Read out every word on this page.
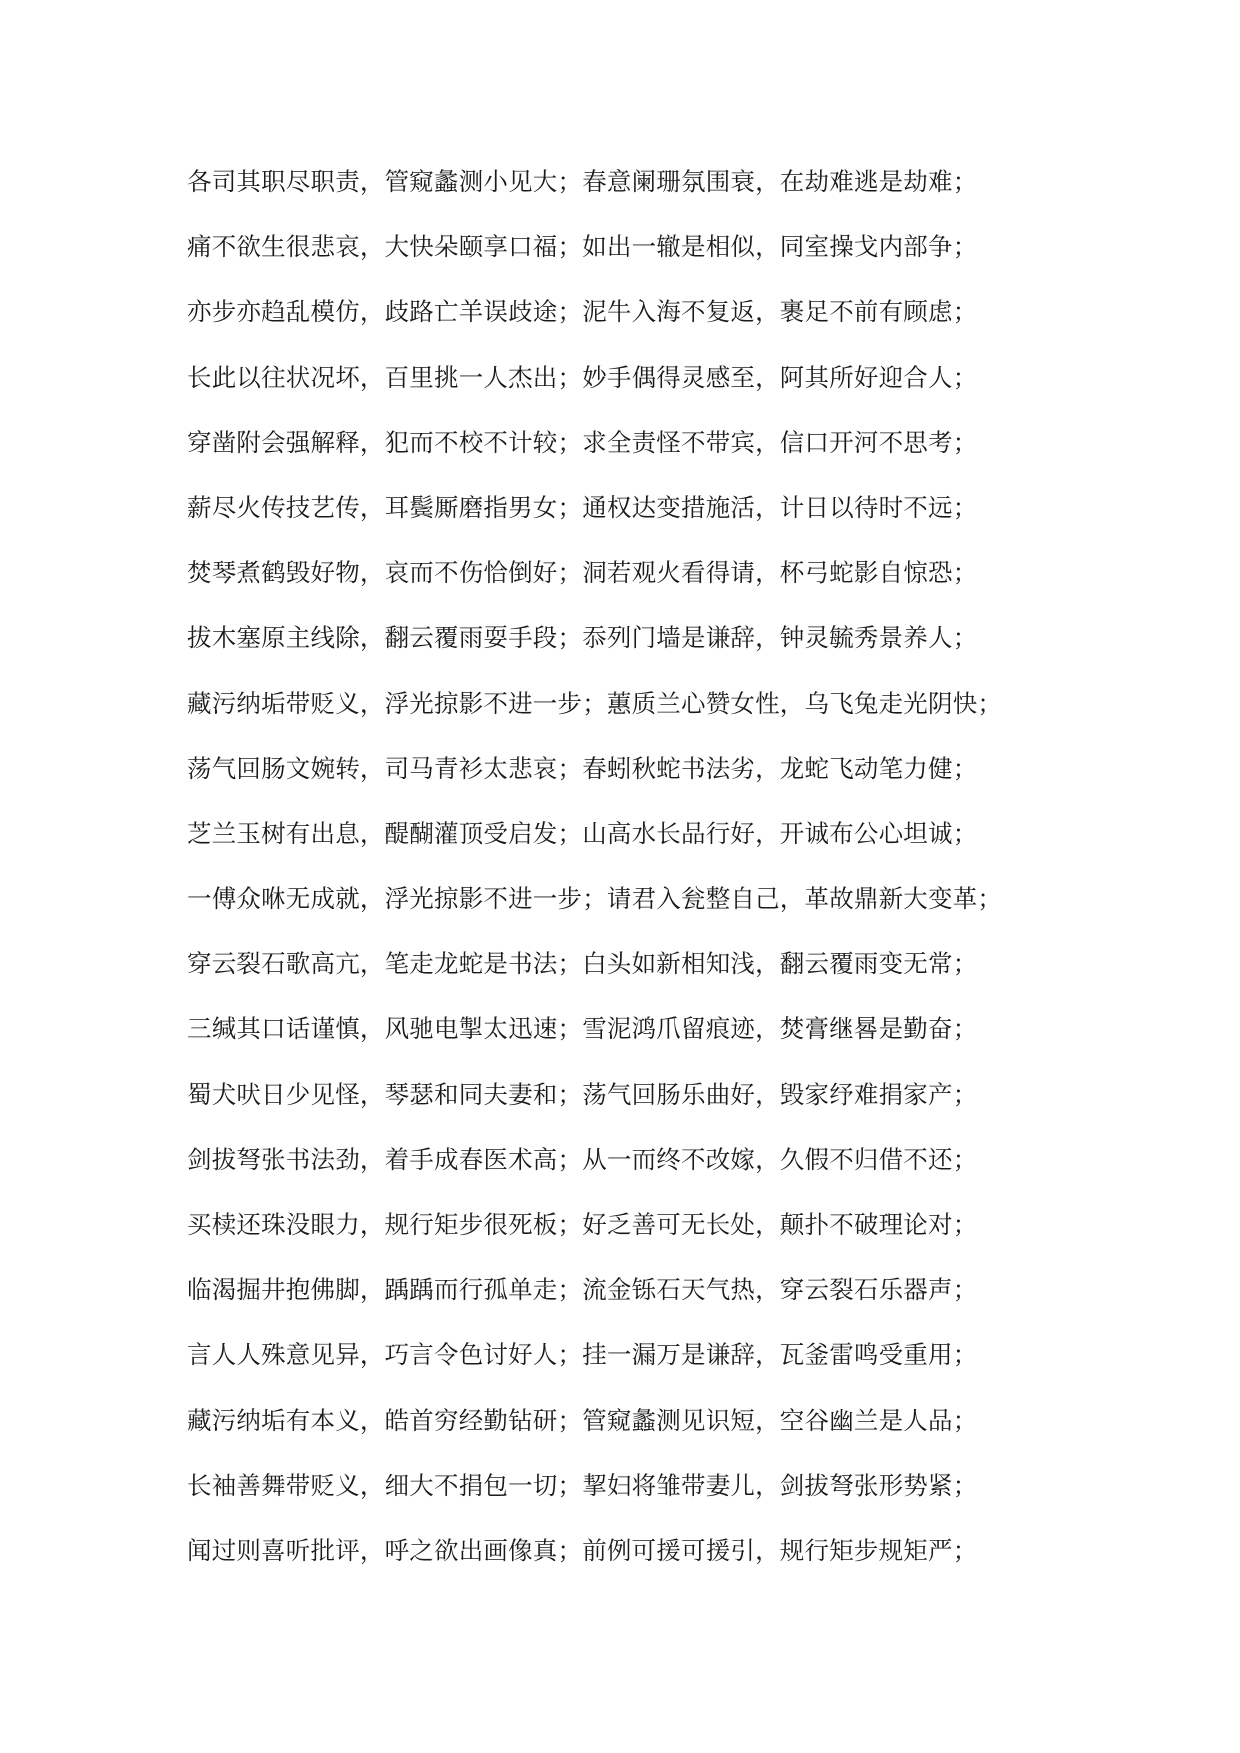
各司其职尽职责，管窥蠡测小见大；春意阑珊氛围衰，在劫难逃是劫难；
痛不欲生很悲哀，大快朵颐享口福；如出一辙是相似，同室操戈内部争；
亦步亦趋乱模仿，歧路亡羊误歧途；泥牛入海不复返，裹足不前有顾虑；
长此以往状况坏，百里挑一人杰出；妙手偶得灵感至，阿其所好迎合人；
穿凿附会强解释，犯而不校不计较；求全责怪不带宾，信口开河不思考；
薪尽火传技艺传，耳鬓厮磨指男女；通权达变措施活，计日以待时不远；
焚琴煮鹤毁好物，哀而不伤恰倒好；洞若观火看得请，杯弓蛇影自惊恐；
拔木塞原主线除，翻云覆雨耍手段；忝列门墙是谦辞，钟灵毓秀景养人；
藏污纳垢带贬义，浮光掠影不进一步；蕙质兰心赞女性，乌飞兔走光阴快；
荡气回肠文婉转，司马青衫太悲哀；春蚓秋蛇书法劣，龙蛇飞动笔力健；
芝兰玉树有出息，醍醐灌顶受启发；山高水长品行好，开诚布公心坦诚；
一傅众咻无成就，浮光掠影不进一步；请君入瓮整自己，革故鼎新大变革；
穿云裂石歌高亢，笔走龙蛇是书法；白头如新相知浅，翻云覆雨变无常；
三缄其口话谨慎，风驰电掣太迅速；雪泥鸿爪留痕迹，焚膏继晷是勤奋；
蜀犬吠日少见怪，琴瑟和同夫妻和；荡气回肠乐曲好，毁家纾难捐家产；
剑拔弩张书法劲，着手成春医术高；从一而终不改嫁，久假不归借不还；
买椟还珠没眼力，规行矩步很死板；好乏善可无长处，颠扑不破理论对；
临渴掘井抱佛脚，踽踽而行孤单走；流金铄石天气热，穿云裂石乐器声；
言人人殊意见异，巧言令色讨好人；挂一漏万是谦辞，瓦釜雷鸣受重用；
藏污纳垢有本义，皓首穷经勤钻研；管窥蠡测见识短，空谷幽兰是人品；
长袖善舞带贬义，细大不捐包一切；挈妇将雏带妻儿，剑拔弩张形势紧；
闻过则喜听批评，呼之欲出画像真；前例可援可援引，规行矩步规矩严；
